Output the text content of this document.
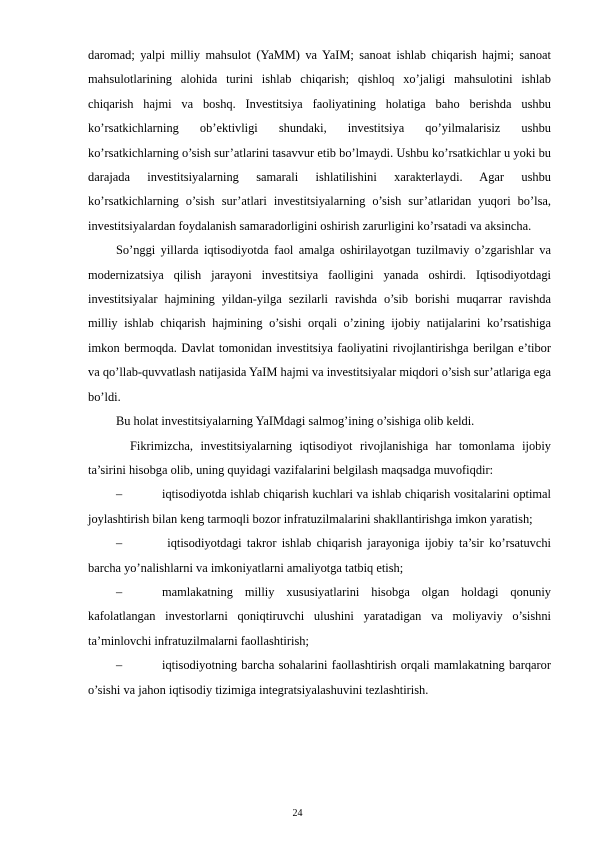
daromad; yalpi milliy mahsulot (YaMM) va YaIM; sanoat ishlab chiqarish hajmi; sanoat mahsulotlarining alohida turini ishlab chiqarish; qishloq xo’jaligi mahsulotini ishlab chiqarish hajmi va boshq. Investitsiya faoliyatining holatiga baho berishda ushbu ko’rsatkichlarning ob’ektivligi shundaki, investitsiya qo’yilmalarisiz ushbu ko’rsatkichlarning o’sish sur’atlarini tasavvur etib bo’lmaydi. Ushbu ko’rsatkichlar u yoki bu darajada investitsiyalarning samarali ishlatilishini xarakterlaydi. Agar ushbu ko’rsatkichlarning o’sish sur’atlari investitsiyalarning o’sish sur’atlaridan yuqori bo’lsa, investitsiyalardan foydalanish samaradorligini oshirish zarurligini ko’rsatadi va aksincha.

So’nggi yillarda iqtisodiyotda faol amalga oshirilayotgan tuzilmaviy o’zgarishlar va modernizatsiya qilish jarayoni investitsiya faolligini yanada oshirdi. Iqtisodiyotdagi investitsiyalar hajmining yildan-yilga sezilarli ravishda o’sib borishi muqarrar ravishda milliy ishlab chiqarish hajmining o’sishi orqali o’zining ijobiy natijalarini ko’rsatishiga imkon bermoqda. Davlat tomonidan investitsiya faoliyatini rivojlantirishga berilgan e’tibor va qo’llab-quvvatlash natijasida YaIM hajmi va investitsiyalar miqdori o’sish sur’atlariga ega bo’ldi.

Bu holat investitsiyalarning YaIMdagi salmog’ining o’sishiga olib keldi.

Fikrimizcha, investitsiyalarning iqtisodiyot rivojlanishiga har tomonlama ijobiy ta’sirini hisobga olib, uning quyidagi vazifalarini belgilash maqsadga muvofiqdir:

–	iqtisodiyotda ishlab chiqarish kuchlari va ishlab chiqarish vositalarini optimal joylashtirish bilan keng tarmoqli bozor infratuzilmalarini shakllantirishga imkon yaratish;

–	iqtisodiyotdagi takror ishlab chiqarish jarayoniga ijobiy ta’sir ko’rsatuvchi barcha yo’nalishlarni va imkoniyatlarni amaliyotga tatbiq etish;

–	mamlakatning milliy xususiyatlarini hisobga olgan holdagi qonuniy kafolatlangan investorlarni qoniqtiruvchi ulushini yaratadigan va moliyaviy o’sishni ta’minlovchi infratuzilmalarni faollashtirish;

–	iqtisodiyotning barcha sohalarini faollashtirish orqali mamlakatning barqaror o’sishi va jahon iqtisodiy tizimiga integratsiyalashuvini tezlashtirish.

24
